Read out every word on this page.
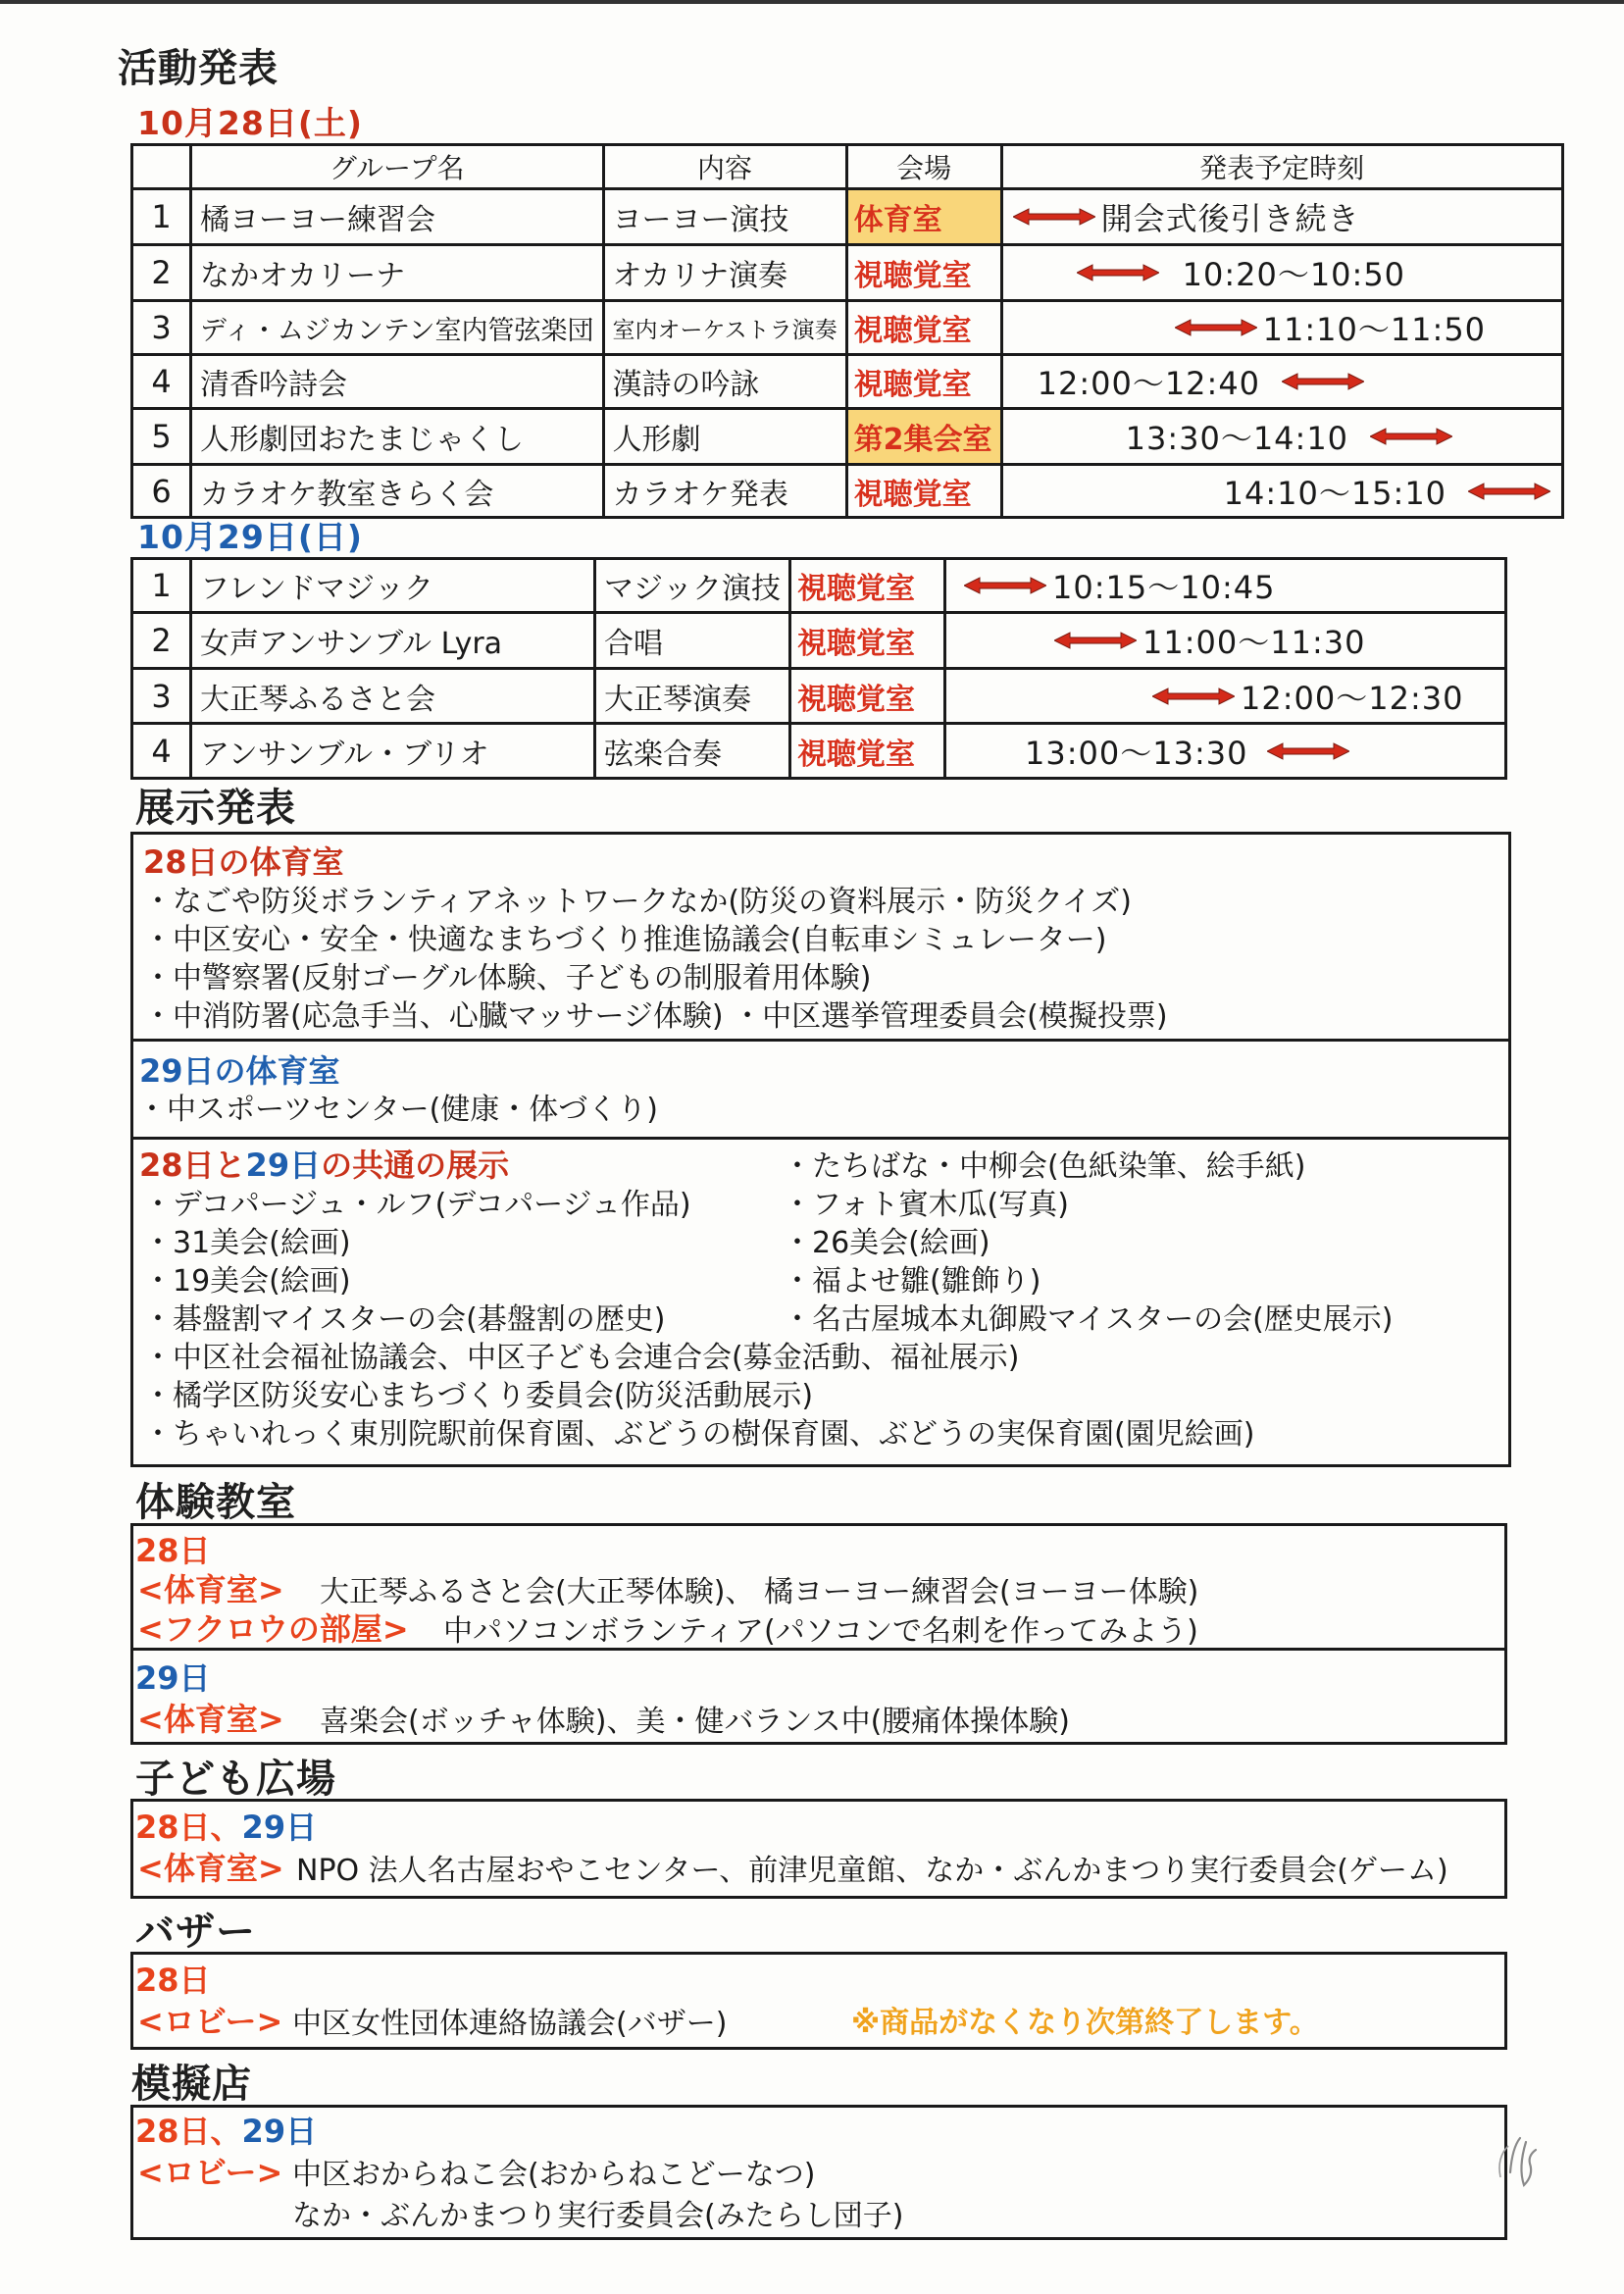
活動発表
10月28日(土)
	グループ名	内容	会場	発表予定時刻
1	橘ヨーヨー練習会	ヨーヨー演技	体育室	開会式後引き続き

2	なかオカリーナ	オカリナ演奏	視聴覚室	10:20〜10:50

3	ディ・ムジカンテン室内管弦楽団	室内オーケストラ演奏	視聴覚室	11:10〜11:50

4	清香吟詩会	漢詩の吟詠	視聴覚室	12:00〜12:40

5	人形劇団おたまじゃくし	人形劇	第2集会室	13:30〜14:10

6	カラオケ教室きらく会	カラオケ発表	視聴覚室	14:10〜15:10
10月29日(日)
1	フレンドマジック	マジック演技	視聴覚室	10:15〜10:45

2	女声アンサンブル Lyra	合唱	視聴覚室	11:00〜11:30

3	大正琴ふるさと会	大正琴演奏	視聴覚室	12:00〜12:30

4	アンサンブル・ブリオ	弦楽合奏	視聴覚室	13:00〜13:30
展示発表
28日の体育室
・なごや防災ボランティアネットワークなか(防災の資料展示・防災クイズ)
・中区安心・安全・快適なまちづくり推進協議会(自転車シミュレーター)
・中警察署(反射ゴーグル体験、子どもの制服着用体験)
・中消防署(応急手当、心臓マッサージ体験) ・中区選挙管理委員会(模擬投票)
29日の体育室
・中スポーツセンター(健康・体づくり)
28日と29日の共通の展示
・デコパージュ・ルフ(デコパージュ作品)
・31美会(絵画)
・19美会(絵画)
・碁盤割マイスターの会(碁盤割の歴史)
・たちばな・中柳会(色紙染筆、絵手紙)
・フォト賓木瓜(写真)
・26美会(絵画)
・福よせ雛(雛飾り)
・名古屋城本丸御殿マイスターの会(歴史展示)
・中区社会福祉協議会、中区子ども会連合会(募金活動、福祉展示)
・橘学区防災安心まちづくり委員会(防災活動展示)
・ちゃいれっく東別院駅前保育園、ぶどうの樹保育園、ぶどうの実保育園(園児絵画)
体験教室
28日
<体育室> 大正琴ふるさと会(大正琴体験)、 橘ヨーヨー練習会(ヨーヨー体験)
<フクロウの部屋> 中パソコンボランティア(パソコンで名刺を作ってみよう)
29日
<体育室> 喜楽会(ボッチャ体験)、美・健バランス中(腰痛体操体験)
子ども広場
28日、29日
<体育室> NPO 法人名古屋おやこセンター、前津児童館、なか・ぶんかまつり実行委員会(ゲーム)
バザー
28日
<ロビー> 中区女性団体連絡協議会(バザー)	※商品がなくなり次第終了します。
模擬店
28日、29日
<ロビー> 中区おからねこ会(おからねこどーなつ)
なか・ぶんかまつり実行委員会(みたらし団子)
